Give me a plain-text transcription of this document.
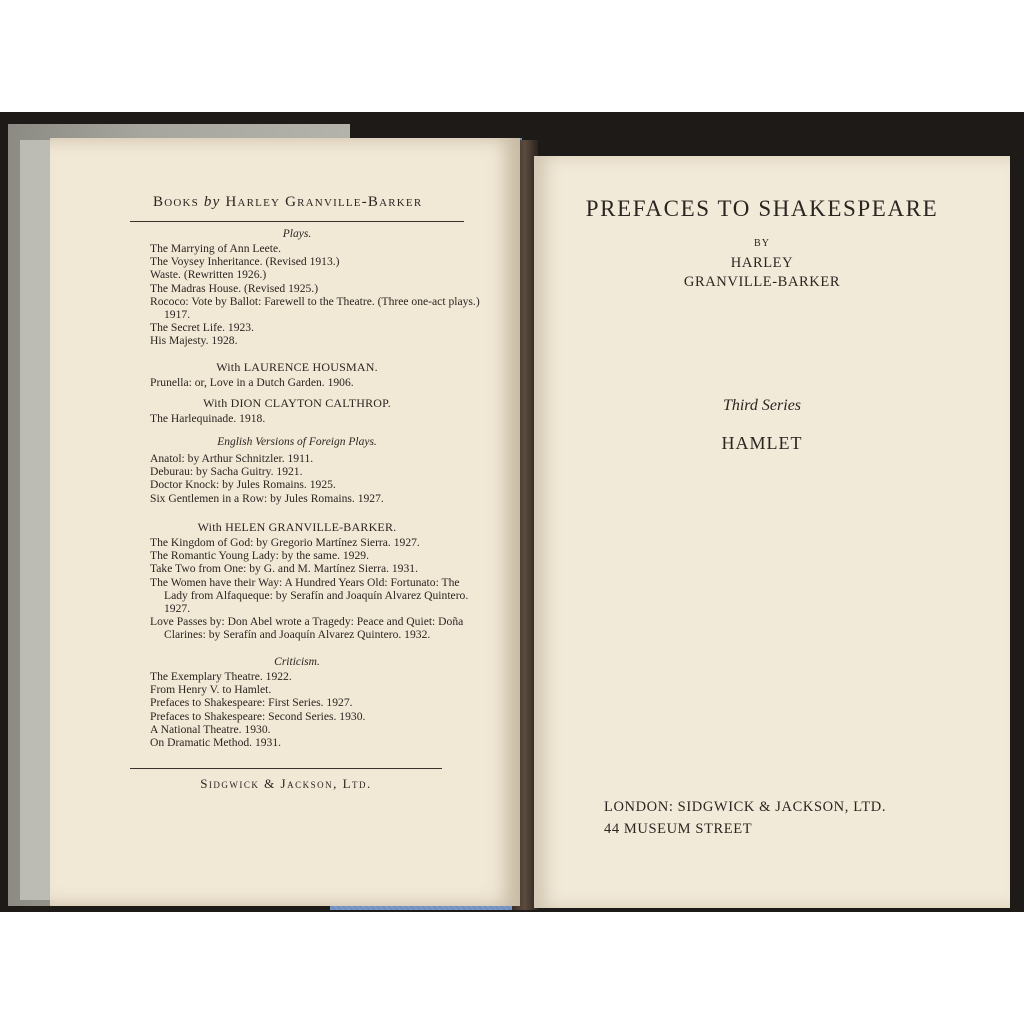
Books by Harley Granville-Barker
Plays.
The Marrying of Ann Leete.
The Voysey Inheritance. (Revised 1913.)
Waste. (Rewritten 1926.)
The Madras House. (Revised 1925.)
Rococo: Vote by Ballot: Farewell to the Theatre. (Three one-act plays.) 1917.
The Secret Life. 1923.
His Majesty. 1928.
With LAURENCE HOUSMAN.
Prunella: or, Love in a Dutch Garden. 1906.
With DION CLAYTON CALTHROP.
The Harlequinade. 1918.
English Versions of Foreign Plays.
Anatol: by Arthur Schnitzler. 1911.
Deburau: by Sacha Guitry. 1921.
Doctor Knock: by Jules Romains. 1925.
Six Gentlemen in a Row: by Jules Romains. 1927.
With HELEN GRANVILLE-BARKER.
The Kingdom of God: by Gregorio Martínez Sierra. 1927.
The Romantic Young Lady: by the same. 1929.
Take Two from One: by G. and M. Martínez Sierra. 1931.
The Women have their Way: A Hundred Years Old: Fortunato: The Lady from Alfaqueque: by Serafín and Joaquín Alvarez Quintero. 1927.
Love Passes by: Don Abel wrote a Tragedy: Peace and Quiet: Doña Clarines: by Serafín and Joaquín Alvarez Quintero. 1932.
Criticism.
The Exemplary Theatre. 1922.
From Henry V. to Hamlet.
Prefaces to Shakespeare: First Series. 1927.
Prefaces to Shakespeare: Second Series. 1930.
A National Theatre. 1930.
On Dramatic Method. 1931.
Sidgwick & Jackson, Ltd.
PREFACES TO SHAKESPEARE
BY
HARLEY
GRANVILLE-BARKER
Third Series
HAMLET
LONDON: SIDGWICK & JACKSON, LTD.
44 MUSEUM STREET
